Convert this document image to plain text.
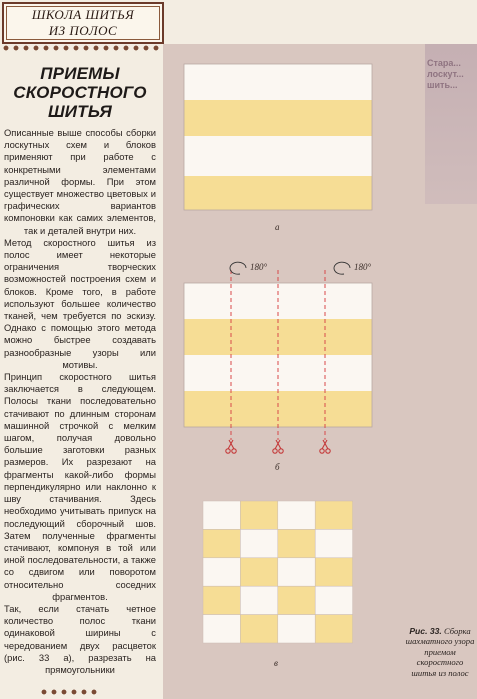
ШКОЛА ШИТЬЯ
ИЗ ПОЛОС
ПРИЕМЫ
СКОРОСТНОГО
ШИТЬЯ

Описанные выше способы сборки лоскутных схем и блоков применяют при работе с конкретными элементами различной формы. При этом существует множество цветовых и графических вариантов компоновки как самих элементов, так и деталей внутри них.

Метод скоростного шитья из полос имеет некоторые ограничения творческих возможностей построения схем и блоков. Кроме того, в работе используют большее количество тканей, чем требуется по эскизу. Однако с помощью этого метода можно быстрее создавать разнообразные узоры или мотивы.

Принцип скоростного шитья заключается в следующем. Полосы ткани последовательно стачивают по длинным сторонам машинной строчкой с мелким шагом, получая довольно большие заготовки разных размеров. Их разрезают на фрагменты какой-либо формы перпендикулярно или наклонно к шву стачивания. Здесь необходимо учитывать припуск на последующий сборочный шов. Затем полученные фрагменты стачивают, компонуя в той или иной последовательности, а также со сдвигом или поворотом относительно соседних фрагментов.

Так, если стачать четное количество полос ткани одинаковой ширины с чередованием двух расцветок (рис. 33 а), разрезать на прямоугольники

Стара... лоскут... шить...
а
180°	180°
б
в
Рис. 33. Сборка шахматного узора приемом скоростного шитья из полос
